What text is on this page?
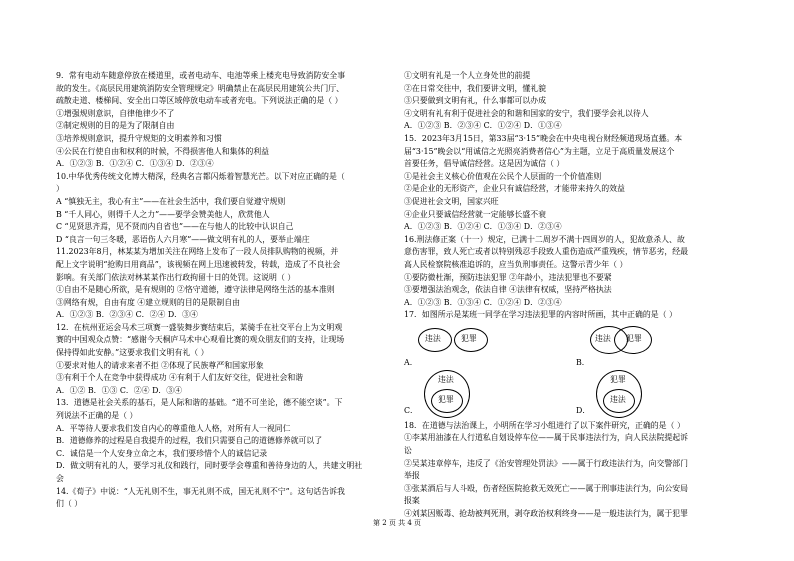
9．常有电动车随意停放在楼道里，或者电动车、电池等乘上楼充电导致消防安全事
故的发生。《高层民用建筑消防安全管理规定》明确禁止在高层民用建筑公共门厅、
疏散走道、楼梯间、安全出口等区域停放电动车或者充电。下列说法正确的是（ ）
①增强规则意识，自律他律少不了
②制定规则的目的是为了限制自由
③培养规则意识，提升守规矩的文明素养和习惯
④公民在行使自由和权利的时候，不得损害他人和集体的利益
A．①②③ B．①②④ C．①③④ D．②③④
10.中华优秀传统文化博大精深，经典名言都闪烁着智慧光芒。以下对应正确的是（
）
A “慎独无主，我心有主”——在社会生活中，我们要自觉遵守规则
B “千人同心，则得千人之力”——要学会赞美他人，欣赏他人
C “见贤思齐焉，见不贤而内自省也”——在与他人的比较中认识自己
D “良言一句三冬暖，恶语伤人六月寒”——做文明有礼的人，要举止端庄
11.2023年8月，林某某为增加关注在网络上发布了一段人员排队购物的视频，并
配上文字说明“抢购日用商品”，该视频在网上迅速被转发，转载，造成了不良社会
影响。有关部门依法对林某某作出行政拘留十日的处罚。这说明（ ）
①自由不是随心所欲，是有规则的 ②恪守道德，遵守法律是网络生活的基本准则
③网络有规，自由有度 ④建立规则的目的是限制自由
A．①②③ B．②③④ C．②④ D．③④
12．在杭州亚运会马术三项赛一盛装舞步赛结束后，某骑手在社交平台上为文明观
赛的中国观众点赞：“感谢今天桐庐马术中心观看比赛的观众朋友们的支持，让现场
保持得如此安静。”这要求我们文明有礼（ ）
①要求对他人的请求来者不拒 ②体现了民族尊严和国家形象
③有利于个人在竞争中获得成功 ④有利于人们友好交往，促进社会和谐
A．①② B．①③ C．②④ D．③④
13．道德是社会关系的基石，是人际和谐的基础。“道不可坐论，德不能空谈”。下
列说法不正确的是（ ）
A．平等待人要求我们发自内心的尊重他人人格，对所有人一视同仁
B．道德修养的过程是自我提升的过程，我们只需要自己的道德修养就可以了
C．诚信是一个人安身立命之本，我们要珍惜个人的诚信记录
D．做文明有礼的人，要学习礼仪和践行，同时要学会尊重和善待身边的人，共建文明社
会
14.《荀子》中说：“人无礼则不生，事无礼则不成，国无礼则不宁”。这句话告诉我
们（ ）
①文明有礼是一个人立身处世的前提
②在日常交往中，我们要讲文明，懂礼貌
③只要做到文明有礼，什么事都可以办成
④文明有礼有利于促进社会的和谐和国家的安宁，我们要学会礼以待人
A．①②③ B．②③④ C．①②④ D．①③④
15．2023年3月15日，第33届“3·15”晚会在中央电视台财经频道现场直播。本
届“3·15”晚会以“用诚信之光照亮消费者信心”为主题，立足于高质量发展这个
首要任务，倡导诚信经营。这是因为诚信（ ）
①是社会主义核心价值观在公民个人层面的一个价值准则
②是企业的无形资产，企业只有诚信经营，才能带来持久的效益
③促进社会文明，国家兴旺
④企业只要诚信经营就一定能够长盛不衰
A．①②③ B．①②④ C．①③④ D．②③④
16.刑法修正案（十一）规定，已满十二周岁不满十四周岁的人，犯故意杀人、故
意伤害罪，致人死亡或者以特别残忍手段致人重伤造成严重残疾，情节恶劣，经最
高人民检察院核准追诉的，应当负刑事责任。这警示青少年（ ）
①要防微杜渐，预防违法犯罪 ②年龄小，违法犯罪也不要紧
③要增强法治观念，依法自律 ④法律有权威，坚持严格执法
A．①②③ B．①③④ C．①②④ D．②③④
17．如图所示是某班一同学在学习违法犯罪的内容时所画，其中正确的是（ ）
A．
违法	犯罪
B．
违法 犯罪
C．
违法
犯罪
D．
犯罪
违法
18．在道德与法治课上，小明所在学习小组进行了以下案件研究，正确的是（ ）
①李某用油漆在人行道私自划设停车位——属于民事违法行为，向人民法院提起诉
讼
②吴某违章停车，违反了《治安管理处罚法》——属于行政违法行为，向交警部门
举报
③张某酒后与人斗殴，伤者经医院抢救无效死亡——属于刑事违法行为，向公安局
报案
④刘某因贩毒、抢劫被判死刑，剥夺政治权利终身——是一般违法行为，属于犯罪
第 2 页 共 4 页
